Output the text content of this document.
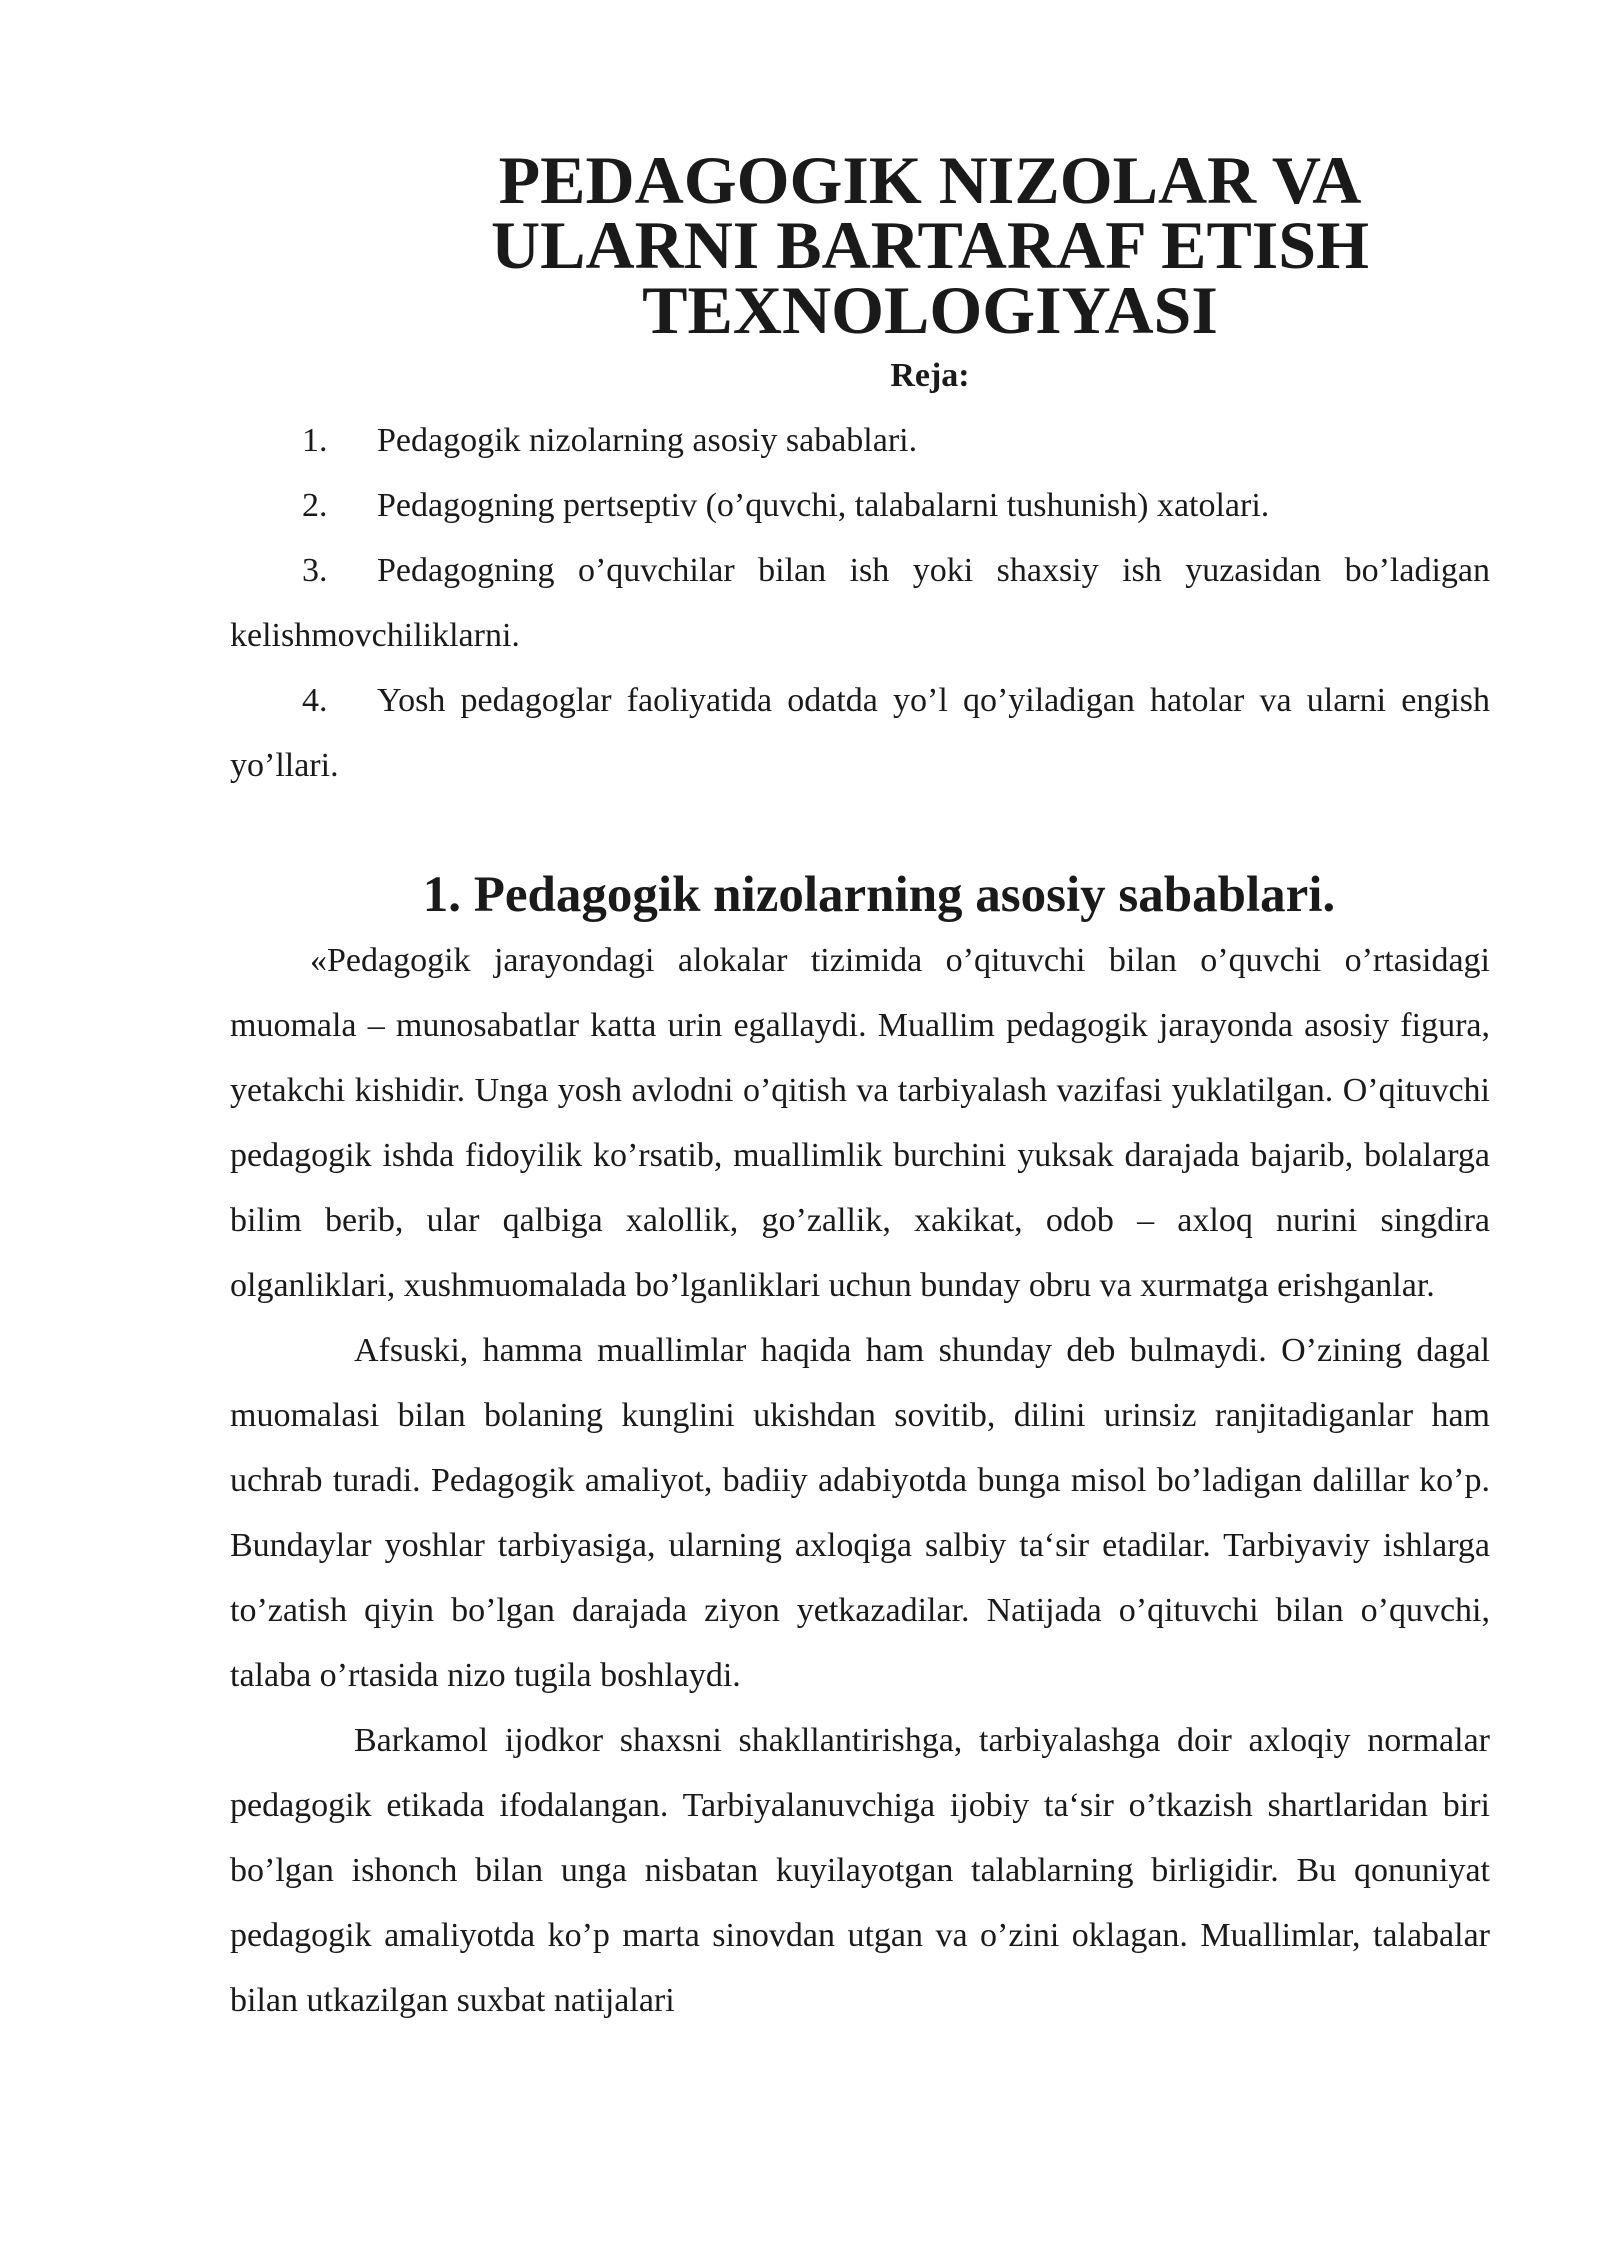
PEDAGOGIK NIZOLAR VA ULARNI BARTARAF ETISH
TEXNOLOGIYASI

Reja:

1. Pedagogik nizolarning asosiy sabablari.
2. Pedagogning pertseptiv (o’quvchi, talabalarni tushunish) xatolari.
3. Pedagogning o’quvchilar bilan ish yoki shaxsiy ish yuzasidan bo’ladigan kelishmovchiliklarni.
4. Yosh pedagoglar faoliyatida odatda yo’l qo’yiladigan hatolar va ularni engish yo’llari.
1. Pedagogik nizolarning asosiy sabablari.

«Pedagogik jarayondagi alokalar tizimida o’qituvchi bilan o’quvchi o’rtasidagi muomala – munosabatlar katta urin egallaydi. Muallim pedagogik jarayonda asosiy figura, yetakchi kishidir. Unga yosh avlodni o’qitish va tarbiyalash vazifasi yuklatilgan. O’qituvchi pedagogik ishda fidoyilik ko’rsatib, muallimlik burchini yuksak darajada bajarib, bolalarga bilim berib, ular qalbiga xalollik, go’zallik, xakikat, odob – axloq nurini singdira olganliklari, xushmuomalada bo’lganliklari uchun bunday obru va xurmatga erishganlar.

Afsuski, hamma muallimlar haqida ham shunday deb bulmaydi. O’zining dagal muomalasi bilan bolaning kunglini ukishdan sovitib, dilini urinsiz ranjitadiganlar ham uchrab turadi. Pedagogik amaliyot, badiiy adabiyotda bunga misol bo’ladigan dalillar ko’p. Bundaylar yoshlar tarbiyasiga, ularning axloqiga salbiy ta‘sir etadilar. Tarbiyaviy ishlarga to’zatish qiyin bo’lgan darajada ziyon yetkazadilar. Natijada o’qituvchi bilan o’quvchi, talaba o’rtasida nizo tugila boshlaydi.

Barkamol ijodkor shaxsni shakllantirishga, tarbiyalashga doir axloqiy normalar pedagogik etikada ifodalangan. Tarbiyalanuvchiga ijobiy ta‘sir o’tkazish shartlaridan biri bo’lgan ishonch bilan unga nisbatan kuyilayotgan talablarning birligidir. Bu qonuniyat pedagogik amaliyotda ko’p marta sinovdan utgan va o’zini oklagan. Muallimlar, talabalar bilan utkazilgan suxbat natijalari
